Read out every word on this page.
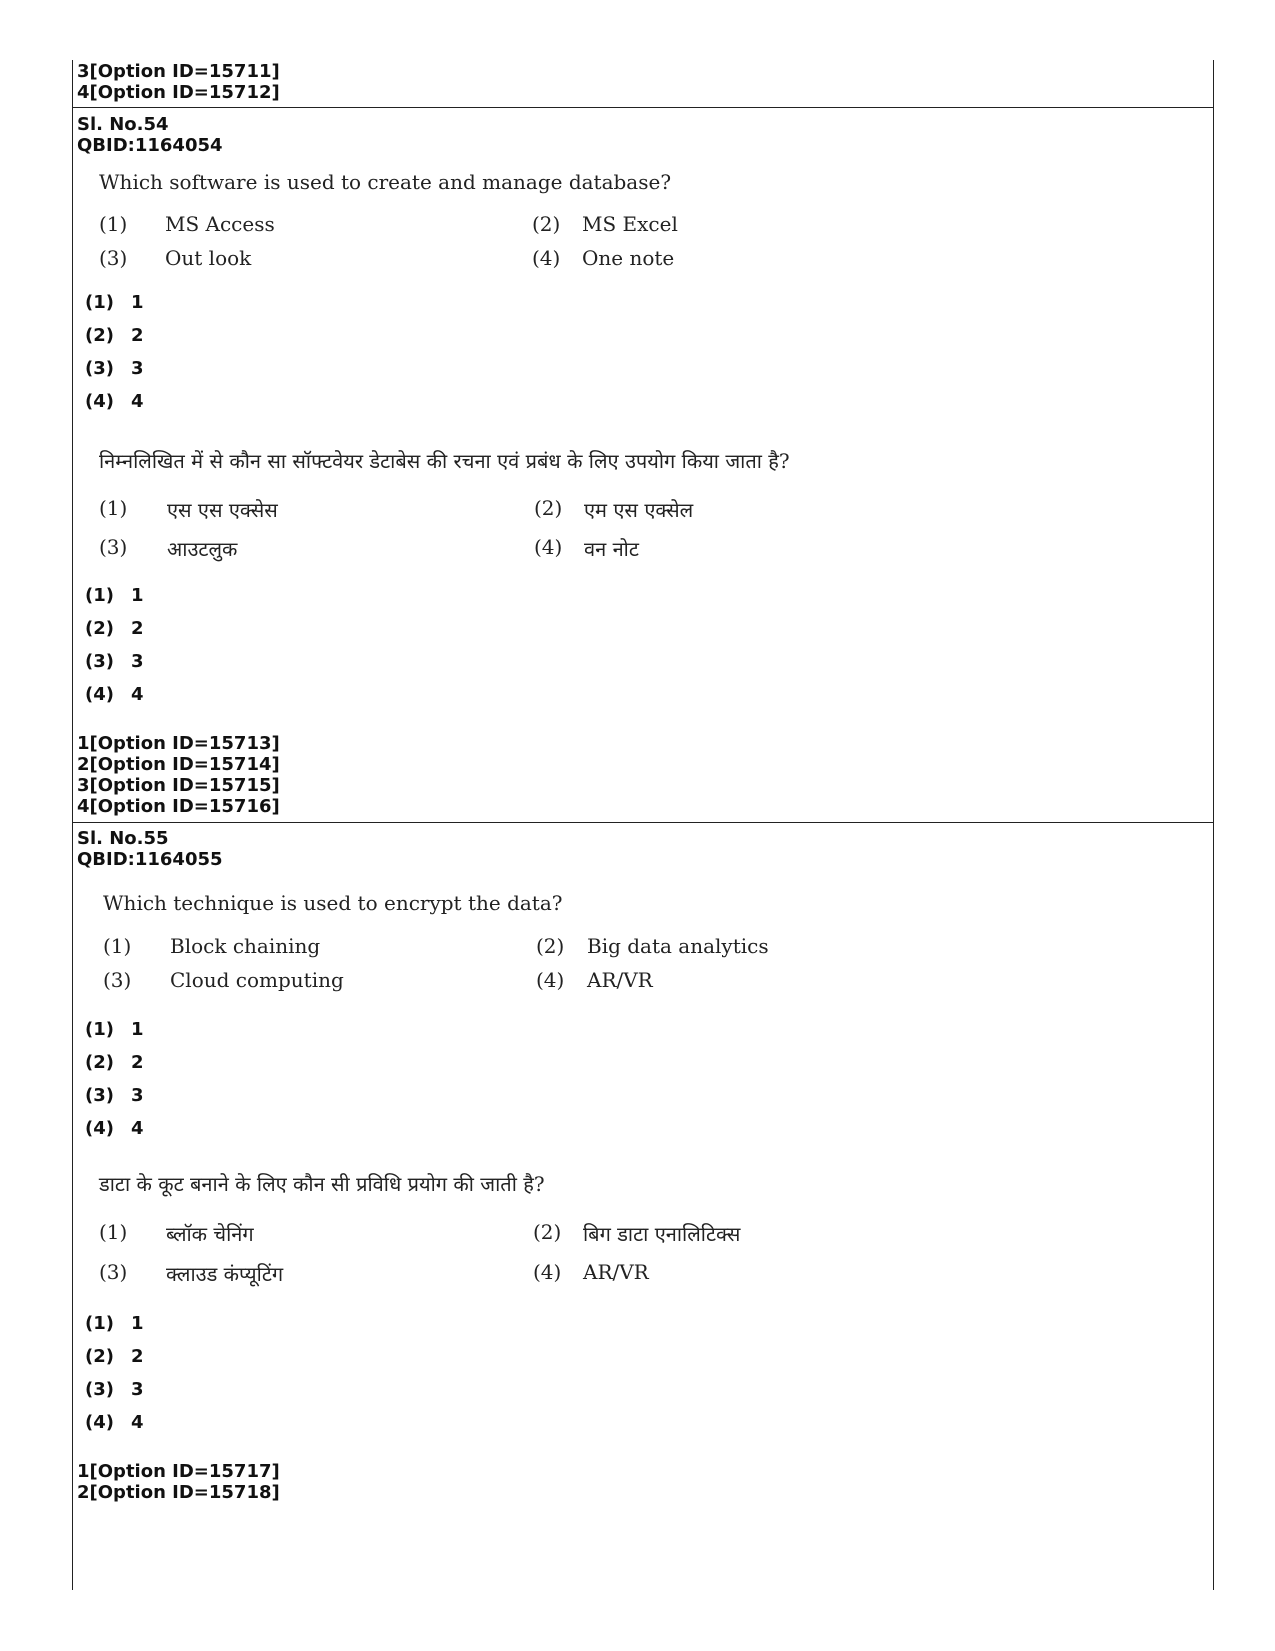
3[Option ID=15711]
4[Option ID=15712]
Sl. No.54
QBID:1164054
Which software is used to create and manage database?
(1) MS Access	(2) MS Excel
(3) Out look	(4) One note
(1) 1
(2) 2
(3) 3
(4) 4
निम्नलिखित में से कौन सा सॉफ्टवेयर डेटाबेस की रचना एवं प्रबंध के लिए उपयोग किया जाता है?
(1) एस एस एक्सेस	(2) एम एस एक्सेल
(3) आउटलुक	(4) वन नोट
(1) 1
(2) 2
(3) 3
(4) 4
1[Option ID=15713]
2[Option ID=15714]
3[Option ID=15715]
4[Option ID=15716]
Sl. No.55
QBID:1164055
Which technique is used to encrypt the data?
(1) Block chaining	(2) Big data analytics
(3) Cloud computing	(4) AR/VR
(1) 1
(2) 2
(3) 3
(4) 4
डाटा के कूट बनाने के लिए कौन सी प्रविधि प्रयोग की जाती है?
(1) ब्लॉक चेनिंग	(2) बिग डाटा एनालिटिक्स
(3) क्लाउड कंप्यूटिंग	(4) AR/VR
(1) 1
(2) 2
(3) 3
(4) 4
1[Option ID=15717]
2[Option ID=15718]
